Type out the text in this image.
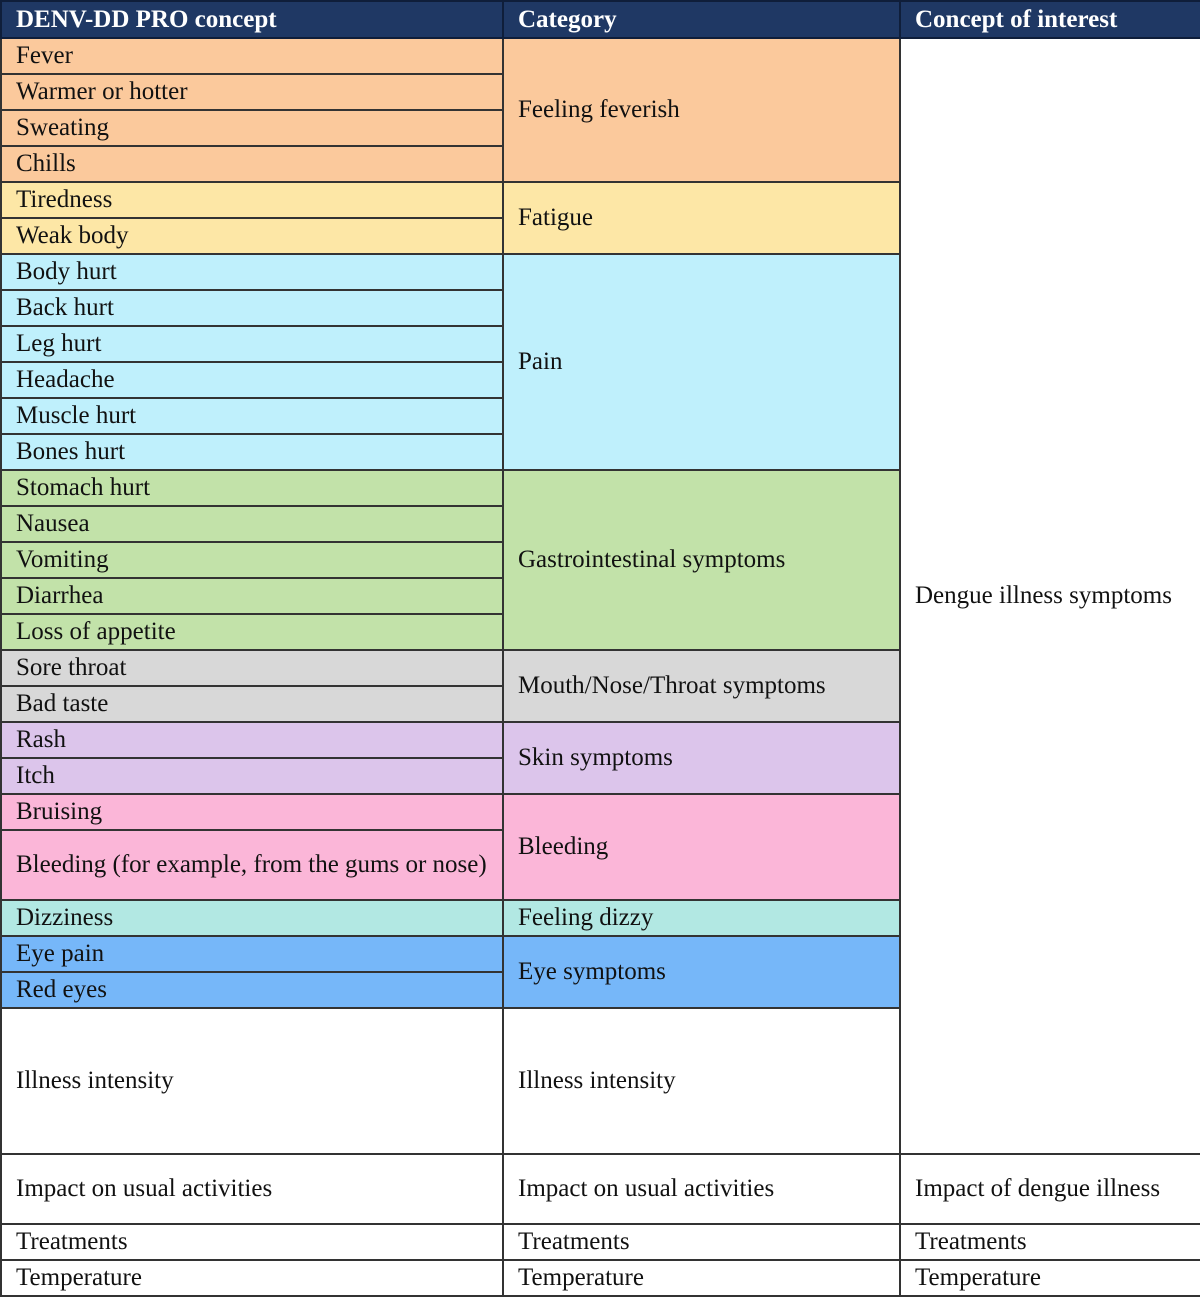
DENV-DD PRO concept	Category	Concept of interest	
Fever	Feeling feverish	Dengue illness symptoms	
Warmer or hotter			
Sweating			
Chills			
Tiredness	Fatigue		
Weak body			
Body hurt	Pain		
Back hurt			
Leg hurt			
Headache			
Muscle hurt			
Bones hurt			
Stomach hurt	Gastrointestinal symptoms		
Nausea			
Vomiting			
Diarrhea			
Loss of appetite			
Sore throat	Mouth/Nose/Throat symptoms		
Bad taste			
Rash	Skin symptoms		
Itch			
Bruising	Bleeding		
Bleeding (for example, from the gums or nose)			
Dizziness	Feeling dizzy		
Eye pain	Eye symptoms		
Red eyes			
Illness intensity	Illness intensity	
Impact on usual activities	Impact on usual activities	Impact of dengue illness	
Treatments	Treatments	Treatments	
Temperature	Temperature	Temperature	
